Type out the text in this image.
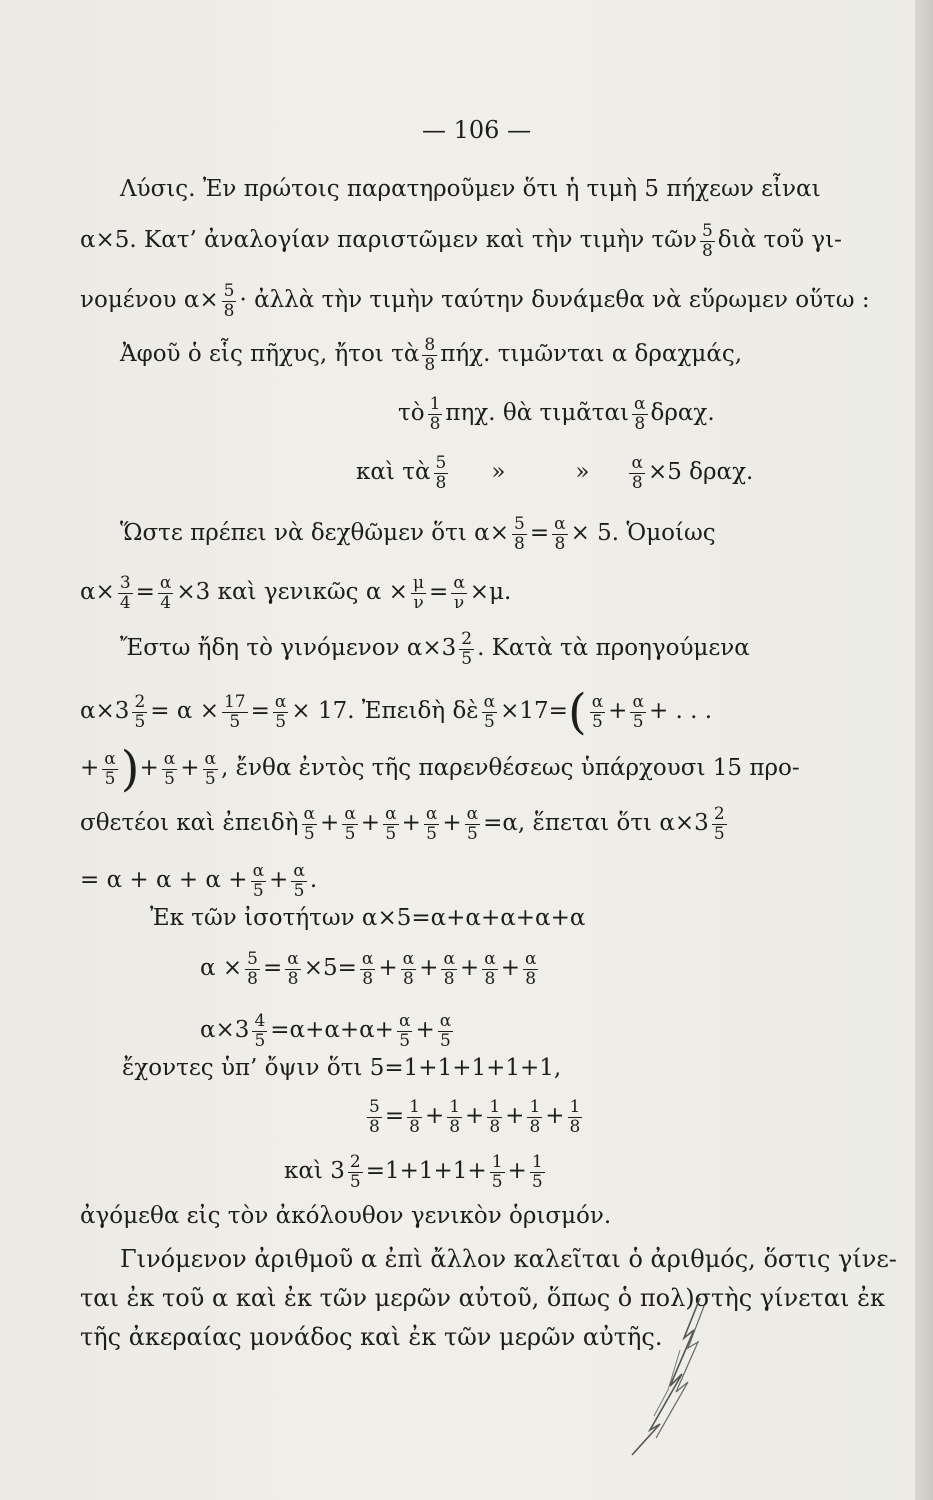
— 106 —
Λύσις. Ἐν πρώτοις παρατηροῦμεν ὅτι ἡ τιμὴ 5 πήχεων εἶναι
α×5. Κατ’ ἀναλογίαν παριστῶμεν καὶ τὴν τιμὴν τῶν $\frac{5}{8}$ διὰ τοῦ γι-
νομένου $\alpha\times \frac{5}{8}$ · ἀλλὰ τὴν τιμὴν ταύτην δυνάμεθα νὰ εὕρωμεν οὕτω :
Ἀφοῦ ὁ εἷς πῆχυς, ἤτοι τὰ $\frac{8}{8} \pi ή\chi$. τιμῶνται α δραχμάς,
τὸ $\frac{1}{8} \pi\eta\chi$. θὰ τιμᾶται $\frac{\alpha}{8} \delta\rho\alpha\chi$.
καὶ τὰ $\frac{5}{8}$ »	» $\frac{\alpha}{8} \times 5$ δραχ.
Ὥστε πρέπει νὰ δεχθῶμεν ὅτι $\alpha\times \frac{5}{8} = \frac{\alpha}{8} \times 5$. Ὁμοίως
$\alpha\times \frac{3}{4} = \frac{\alpha}{4} \times 3$ καὶ γενικῶς $\alpha \times \frac{\mu}{\nu} = \frac{\alpha}{\nu} \times\mu$.
Ἔστω ἤδη τὸ γινόμενον $\alpha\times 3 \frac{2}{5}$ . Κατὰ τὰ προηγούμενα
$\alpha\times 3 \frac{2}{5} = \alpha \times \frac{17}{5} = \frac{\alpha}{5} \times 17$. Ἐπειδὴ δὲ $\frac{\alpha}{5} \times 17=( \frac{\alpha}{5} + \frac{\alpha}{5}$ + . . .
+ $\frac{\alpha}{5}$ )+ $\frac{\alpha}{5} + \frac{\alpha}{5}$ , ἔνθα ἐντὸς τῆς παρενθέσεως ὑπάρχουσι 15 προ-
σθετέοι καὶ ἐπειδὴ $\frac{\alpha}{5} + \frac{\alpha}{5} + \frac{\alpha}{5} + \frac{\alpha}{5} + \frac{\alpha}{5} =\alpha$, ἕπεται ὅτι $\alpha\times 3 \frac{2}{5}$
= $\alpha + \alpha + \alpha + \frac{\alpha}{5} + \frac{\alpha}{5}$ .
Ἐκ τῶν ἰσοτήτων α×5=α+α+α+α+α
$\alpha \times \frac{5}{8} = \frac{\alpha}{8} \times 5= \frac{\alpha}{8} + \frac{\alpha}{8} + \frac{\alpha}{8} + \frac{\alpha}{8} + \frac{\alpha}{8}$
$\alpha\times 3 \frac{4}{5} =\alpha+\alpha+\alpha+ \frac{\alpha}{5} + \frac{\alpha}{5}$
ἔχοντες ὑπ’ ὄψιν ὅτι 5=1+1+1+1+1,
$\frac{5}{8} = \frac{1}{8} + \frac{1}{8} + \frac{1}{8} + \frac{1}{8} + \frac{1}{8}$
καὶ $3 \frac{2}{5} =1+1+1+ \frac{1}{5} + \frac{1}{5}$
ἀγόμεθα εἰς τὸν ἀκόλουθον γενικὸν ὁρισμόν.
Γινόμενον ἀριθμοῦ α ἐπὶ ἄλλον καλεῖται ὁ ἀριθμός, ὅστις γίνε-
ται ἐκ τοῦ α καὶ ἐκ τῶν μερῶν αὐτοῦ, ὅπως ὁ πολ)στὴς γίνεται ἐκ
τῆς ἀκεραίας μονάδος καὶ ἐκ τῶν μερῶν αὐτῆς.
